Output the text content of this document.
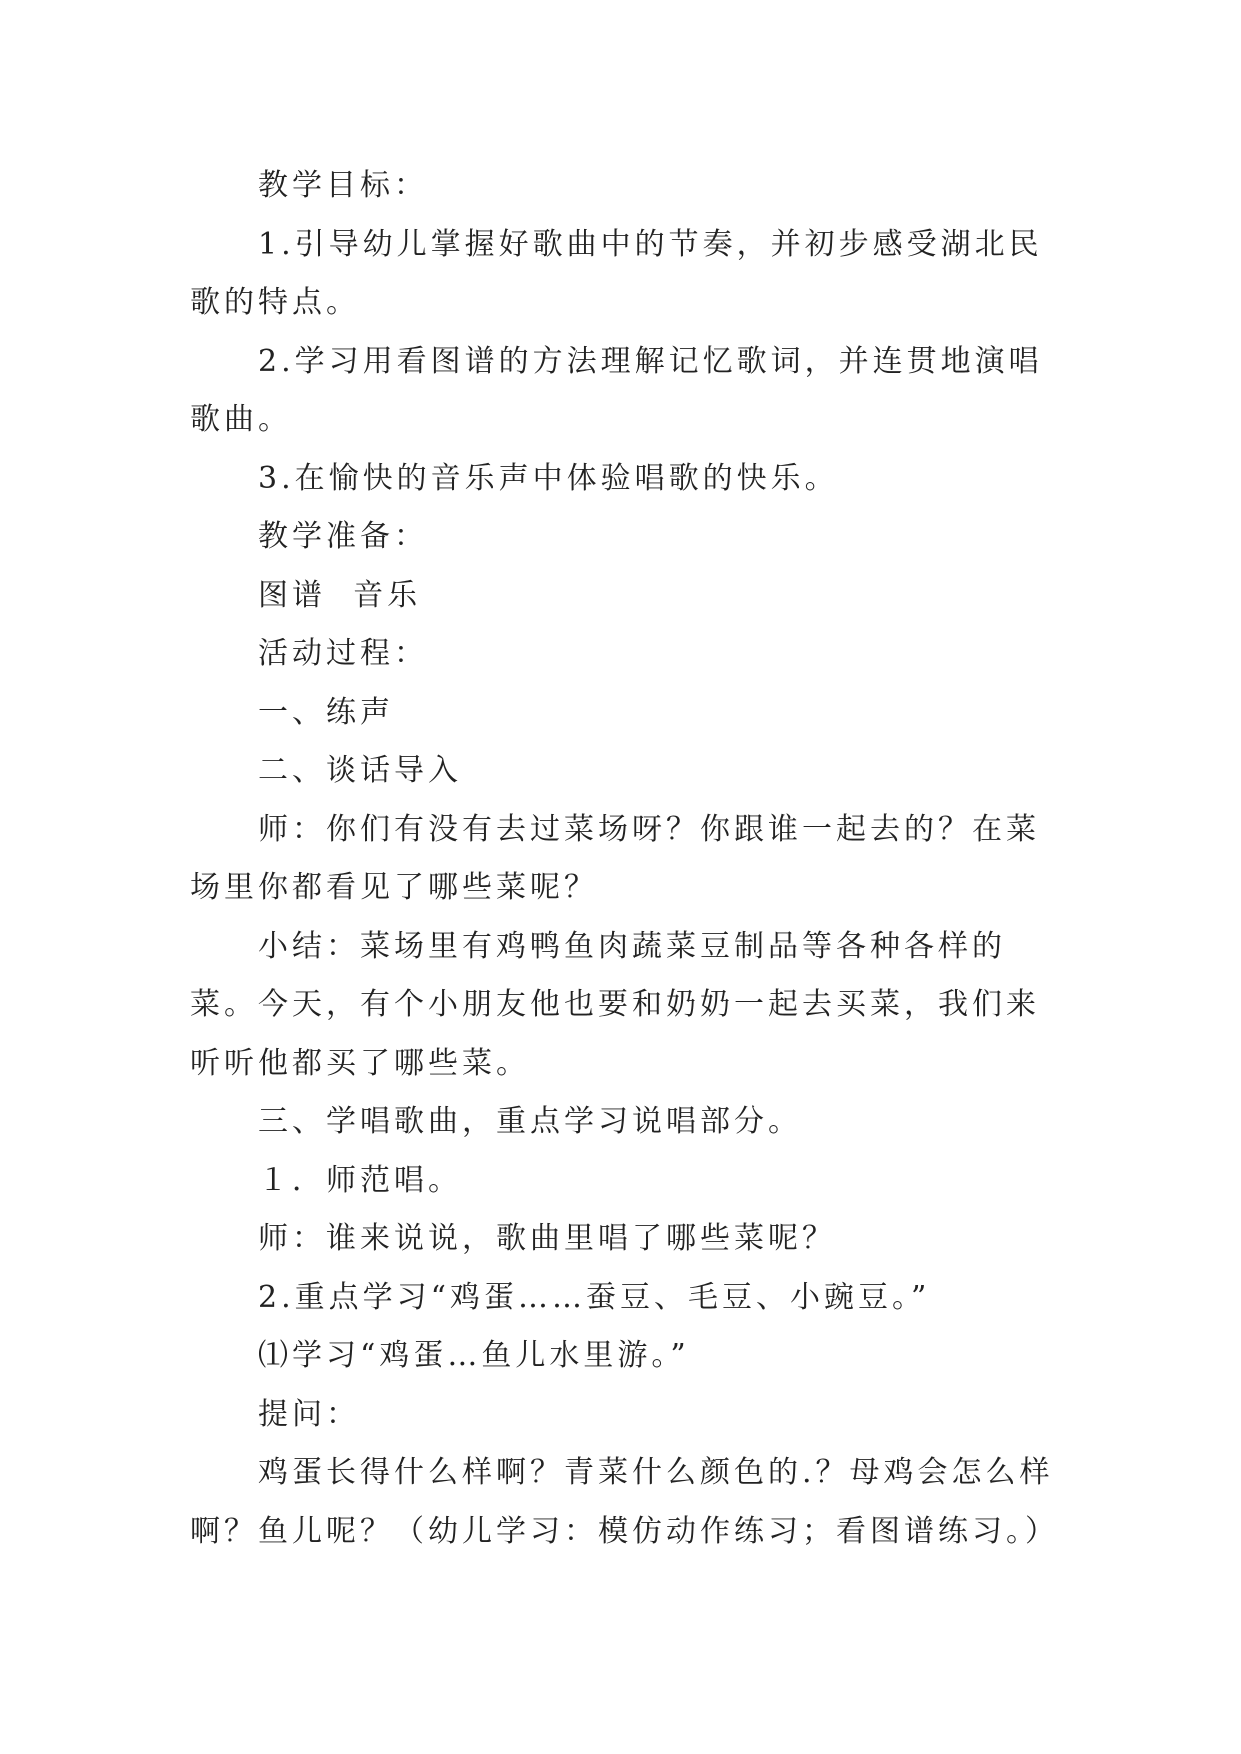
教学目标：

1.引导幼儿掌握好歌曲中的节奏，并初步感受湖北民歌的特点。

2.学习用看图谱的方法理解记忆歌词，并连贯地演唱歌曲。

3.在愉快的音乐声中体验唱歌的快乐。

教学准备：

图谱  音乐

活动过程：

一、练声

二、谈话导入

师：你们有没有去过菜场呀？你跟谁一起去的？在菜场里你都看见了哪些菜呢？

小结：菜场里有鸡鸭鱼肉蔬菜豆制品等各种各样的菜。今天，有个小朋友他也要和奶奶一起去买菜，我们来听听他都买了哪些菜。

三、学唱歌曲，重点学习说唱部分。

１．师范唱。

师：谁来说说，歌曲里唱了哪些菜呢？

2.重点学习“鸡蛋……蚕豆、毛豆、小豌豆。”

⑴学习“鸡蛋…鱼儿水里游。”

提问：

鸡蛋长得什么样啊？青菜什么颜色的.？母鸡会怎么样啊？鱼儿呢？（幼儿学习：模仿动作练习；看图谱练习。）
